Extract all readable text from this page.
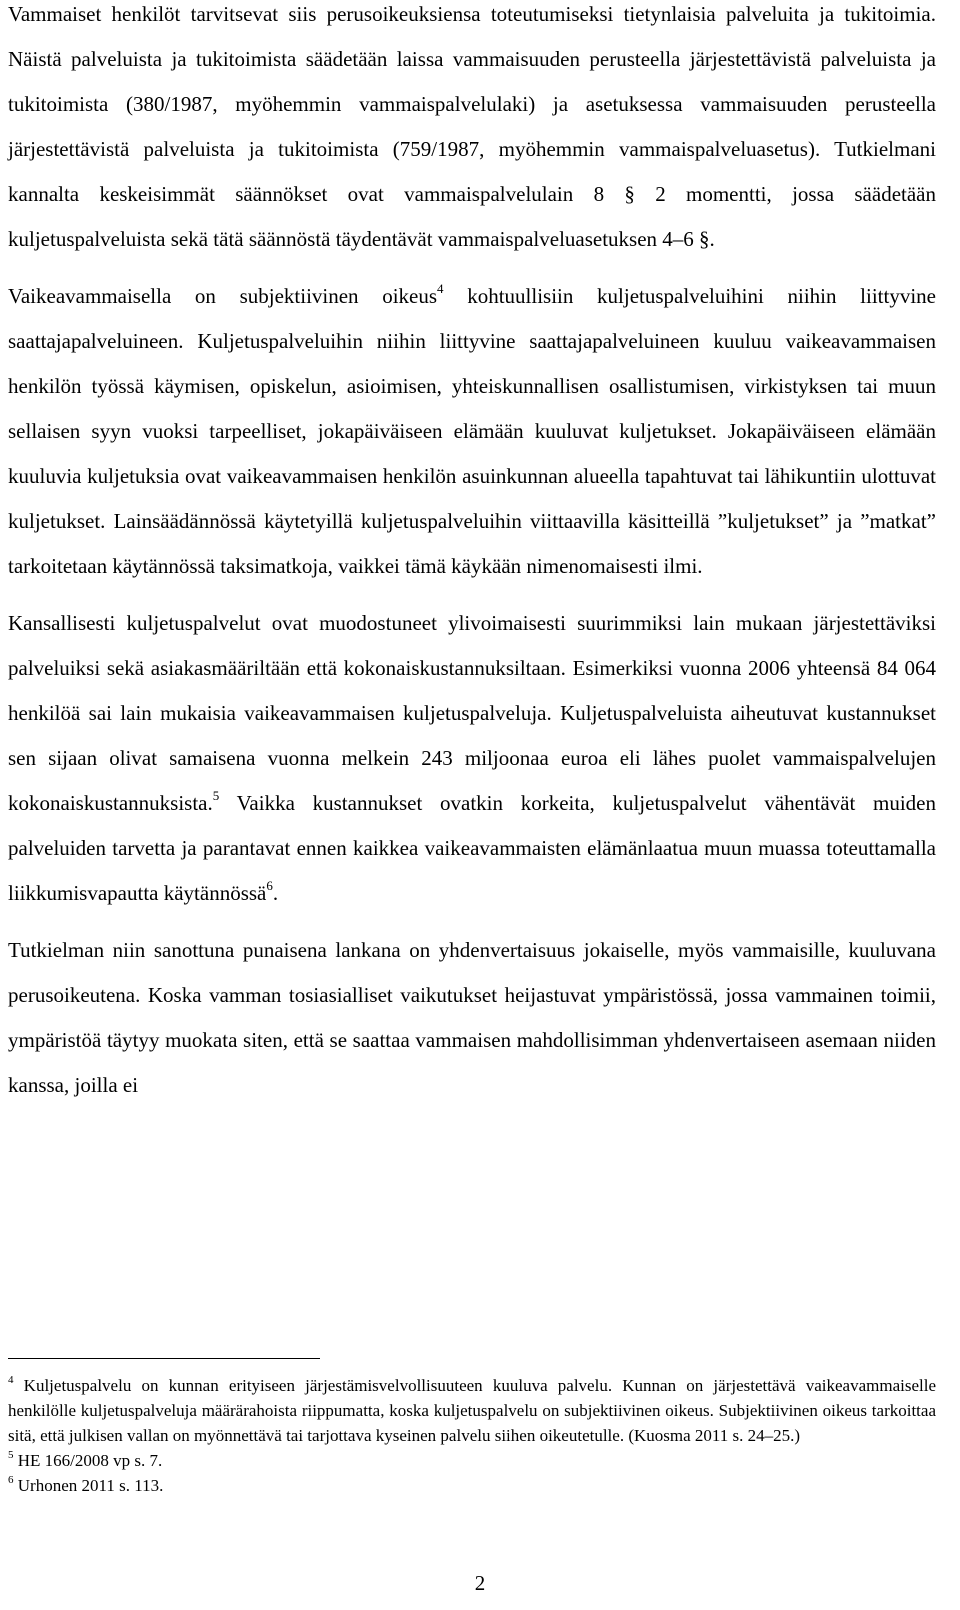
Vammaiset henkilöt tarvitsevat siis perusoikeuksiensa toteutumiseksi tietynlaisia palveluita ja tukitoimia. Näistä palveluista ja tukitoimista säädetään laissa vammaisuuden perusteella järjestettävistä palveluista ja tukitoimista (380/1987, myöhemmin vammaispalvelulaki) ja asetuksessa vammaisuuden perusteella järjestettävistä palveluista ja tukitoimista (759/1987, myöhemmin vammaispalveluasetus). Tutkielmani kannalta keskeisimmät säännökset ovat vammaispalvelulain 8 § 2 momentti, jossa säädetään kuljetuspalveluista sekä tätä säännöstä täydentävät vammaispalveluasetuksen 4–6 §.

Vaikeavammaisella on subjektiivinen oikeus$^4$ kohtuullisiin kuljetuspalveluihini niihin liittyvine saattajapalveluineen. Kuljetuspalveluihin niihin liittyvine saattajapalveluineen kuuluu vaikeavammaisen henkilön työssä käymisen, opiskelun, asioimisen, yhteiskunnallisen osallistumisen, virkistyksen tai muun sellaisen syyn vuoksi tarpeelliset, jokapäiväiseen elämään kuuluvat kuljetukset. Jokapäiväiseen elämään kuuluvia kuljetuksia ovat vaikeavammaisen henkilön asuinkunnan alueella tapahtuvat tai lähikuntiin ulottuvat kuljetukset. Lainsäädännössä käytetyillä kuljetuspalveluihin viittaavilla käsitteillä ”kuljetukset” ja ”matkat” tarkoitetaan käytännössä taksimatkoja, vaikkei tämä käykään nimenomaisesti ilmi.

Kansallisesti kuljetuspalvelut ovat muodostuneet ylivoimaisesti suurimmiksi lain mukaan järjestettäviksi palveluiksi sekä asiakasmääriltään että kokonaiskustannuksiltaan. Esimerkiksi vuonna 2006 yhteensä 84 064 henkilöä sai lain mukaisia vaikeavammaisen kuljetuspalveluja. Kuljetuspalveluista aiheutuvat kustannukset sen sijaan olivat samaisena vuonna melkein 243 miljoonaa euroa eli lähes puolet vammaispalvelujen kokonaiskustannuksista.$^5$ Vaikka kustannukset ovatkin korkeita, kuljetuspalvelut vähentävät muiden palveluiden tarvetta ja parantavat ennen kaikkea vaikeavammaisten elämänlaatua muun muassa toteuttamalla liikkumisvapautta käytännössä$^6$.

Tutkielman niin sanottuna punaisena lankana on yhdenvertaisuus jokaiselle, myös vammaisille, kuuluvana perusoikeutena. Koska vamman tosiasialliset vaikutukset heijastuvat ympäristössä, jossa vammainen toimii, ympäristöä täytyy muokata siten, että se saattaa vammaisen mahdollisimman yhdenvertaiseen asemaan niiden kanssa, joilla ei

$^4$ Kuljetuspalvelu on kunnan erityiseen järjestämisvelvollisuuteen kuuluva palvelu. Kunnan on järjestettävä vaikeavammaiselle henkilölle kuljetuspalveluja määrärahoista riippumatta, koska kuljetuspalvelu on subjektiivinen oikeus. Subjektiivinen oikeus tarkoittaa sitä, että julkisen vallan on myönnettävä tai tarjottava kyseinen palvelu siihen oikeutetulle. (Kuosma 2011 s. 24–25.)

$^5$ HE 166/2008 vp s. 7.

$^6$ Urhonen 2011 s. 113.

2
